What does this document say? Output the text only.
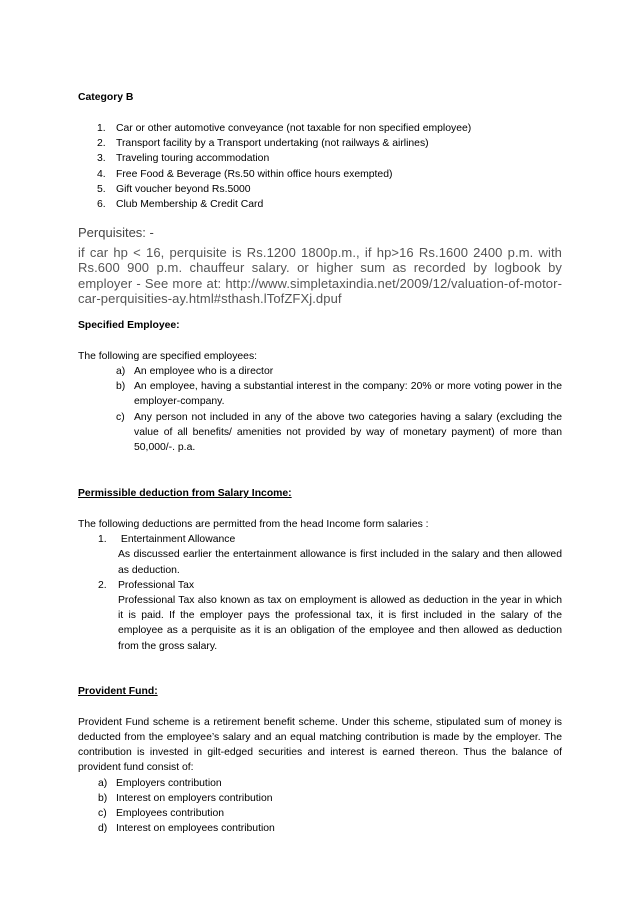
Category B
1. Car or other automotive conveyance (not taxable for non specified employee)
2. Transport facility by a Transport undertaking (not railways & airlines)
3. Traveling touring accommodation
4. Free Food & Beverage (Rs.50 within office hours exempted)
5. Gift voucher beyond Rs.5000
6. Club Membership & Credit Card
Perquisites: -
if car hp < 16, perquisite is Rs.1200 1800p.m., if hp>16 Rs.1600 2400 p.m. with Rs.600 900 p.m. chauffeur salary. or higher sum as recorded by logbook by employer - See more at: http://www.simpletaxindia.net/2009/12/valuation-of-motor-car-perquisities-ay.html#sthash.lTofZFXj.dpuf
Specified Employee:
The following are specified employees:
a) An employee who is a director
b) An employee, having a substantial interest in the company: 20% or more voting power in the employer-company.
c) Any person not included in any of the above two categories having a salary (excluding the value of all benefits/ amenities not provided by way of monetary payment) of more than 50,000/-. p.a.
Permissible deduction from Salary Income:
The following deductions are permitted from the head Income form salaries :
1. Entertainment Allowance
As discussed earlier the entertainment allowance is first included in the salary and then allowed as deduction.
2. Professional Tax
Professional Tax also known as tax on employment is allowed as deduction in the year in which it is paid. If the employer pays the professional tax, it is first included in the salary of the employee as a perquisite as it is an obligation of the employee and then allowed as deduction from the gross salary.
Provident Fund:
Provident Fund scheme is a retirement benefit scheme. Under this scheme, stipulated sum of money is deducted from the employee’s salary and an equal matching contribution is made by the employer. The contribution is invested in gilt-edged securities and interest is earned thereon. Thus the balance of provident fund consist of:
a) Employers contribution
b) Interest on employers contribution
c) Employees contribution
d) Interest on employees contribution
